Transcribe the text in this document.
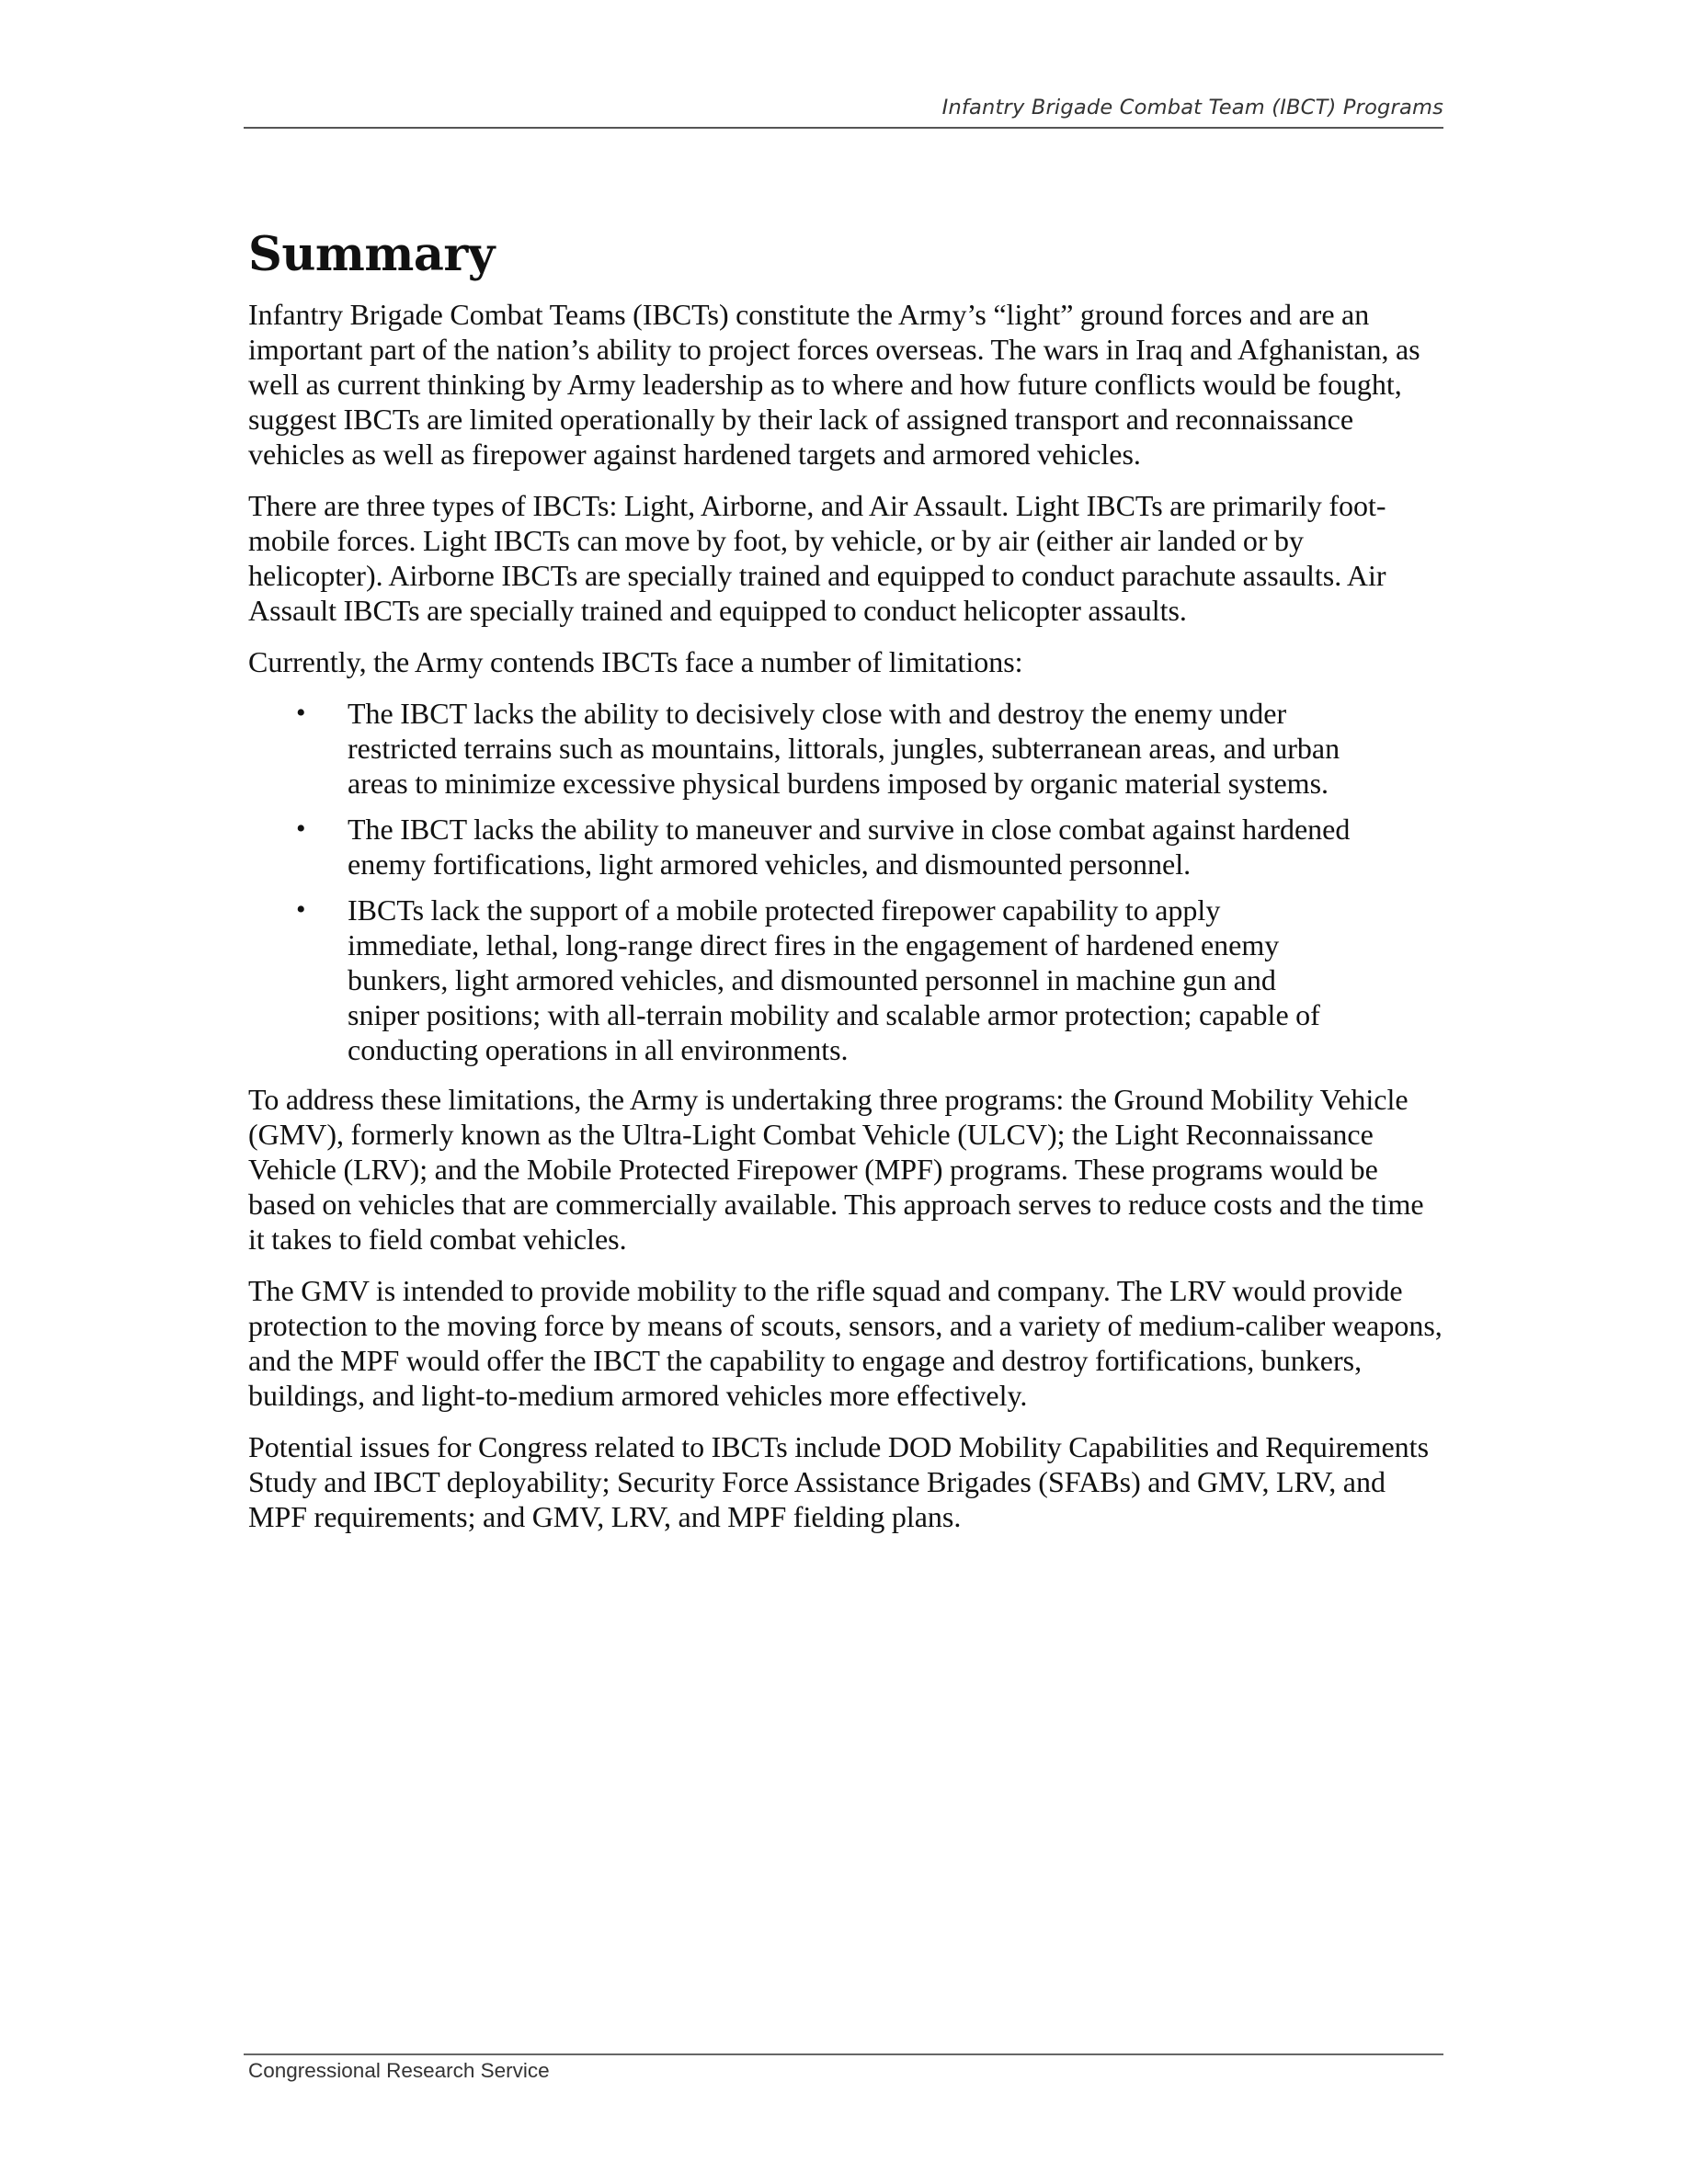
Infantry Brigade Combat Team (IBCT) Programs
Summary

Infantry Brigade Combat Teams (IBCTs) constitute the Army’s “light” ground forces and are an important part of the nation’s ability to project forces overseas. The wars in Iraq and Afghanistan, as well as current thinking by Army leadership as to where and how future conflicts would be fought, suggest IBCTs are limited operationally by their lack of assigned transport and reconnaissance vehicles as well as firepower against hardened targets and armored vehicles.

There are three types of IBCTs: Light, Airborne, and Air Assault. Light IBCTs are primarily foot-mobile forces. Light IBCTs can move by foot, by vehicle, or by air (either air landed or by helicopter). Airborne IBCTs are specially trained and equipped to conduct parachute assaults. Air Assault IBCTs are specially trained and equipped to conduct helicopter assaults.

Currently, the Army contends IBCTs face a number of limitations:

• The IBCT lacks the ability to decisively close with and destroy the enemy under restricted terrains such as mountains, littorals, jungles, subterranean areas, and urban areas to minimize excessive physical burdens imposed by organic material systems.
• The IBCT lacks the ability to maneuver and survive in close combat against hardened enemy fortifications, light armored vehicles, and dismounted personnel.
• IBCTs lack the support of a mobile protected firepower capability to apply immediate, lethal, long-range direct fires in the engagement of hardened enemy bunkers, light armored vehicles, and dismounted personnel in machine gun and sniper positions; with all-terrain mobility and scalable armor protection; capable of conducting operations in all environments.

To address these limitations, the Army is undertaking three programs: the Ground Mobility Vehicle (GMV), formerly known as the Ultra-Light Combat Vehicle (ULCV); the Light Reconnaissance Vehicle (LRV); and the Mobile Protected Firepower (MPF) programs. These programs would be based on vehicles that are commercially available. This approach serves to reduce costs and the time it takes to field combat vehicles.

The GMV is intended to provide mobility to the rifle squad and company. The LRV would provide protection to the moving force by means of scouts, sensors, and a variety of medium-caliber weapons, and the MPF would offer the IBCT the capability to engage and destroy fortifications, bunkers, buildings, and light-to-medium armored vehicles more effectively.

Potential issues for Congress related to IBCTs include DOD Mobility Capabilities and Requirements Study and IBCT deployability; Security Force Assistance Brigades (SFABs) and GMV, LRV, and MPF requirements; and GMV, LRV, and MPF fielding plans.

Congressional Research Service
